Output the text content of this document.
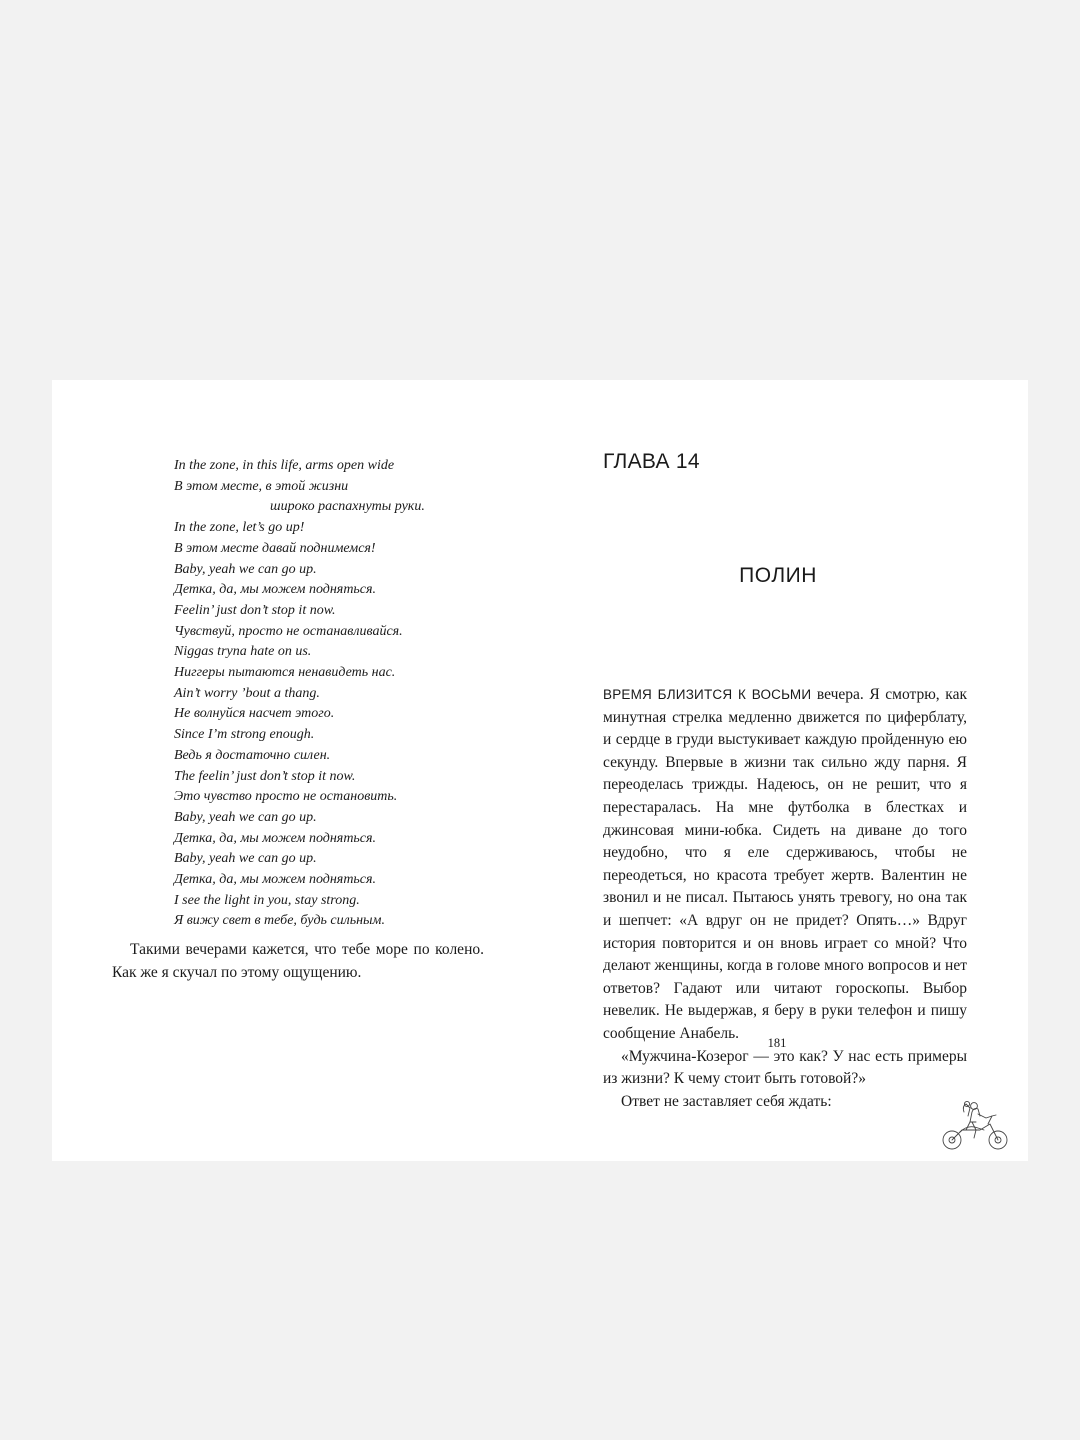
In the zone, in this life, arms open wide
В этом месте, в этой жизни
широко распахнуты руки.
In the zone, let’s go up!
В этом месте давай поднимемся!
Baby, yeah we can go up.
Детка, да, мы можем подняться.
Feelin’ just don’t stop it now.
Чувствуй, просто не останавливайся.
Niggas tryna hate on us.
Ниггеры пытаются ненавидеть нас.
Ain’t worry ’bout a thang.
Не волнуйся насчет этого.
Since I’m strong enough.
Ведь я достаточно силен.
The feelin’ just don’t stop it now.
Это чувство просто не остановить.
Baby, yeah we can go up.
Детка, да, мы можем подняться.
Baby, yeah we can go up.
Детка, да, мы можем подняться.
I see the light in you, stay strong.
Я вижу свет в тебе, будь сильным.

Такими вечерами кажется, что тебе море по колено. Как же я скучал по этому ощущению.

ГЛАВА 14
ПОЛИН

ВРЕМЯ БЛИЗИТСЯ К ВОСЬМИ вечера. Я смотрю, как минутная стрелка медленно движется по циферблату, и сердце в груди выстукивает каждую пройденную ею секунду. Впервые в жизни так сильно жду парня. Я переоделась трижды. Надеюсь, он не решит, что я перестаралась. На мне футболка в блестках и джинсовая мини-юбка. Сидеть на диване до того неудобно, что я еле сдерживаюсь, чтобы не переодеться, но красота требует жертв. Валентин не звонил и не писал. Пытаюсь унять тревогу, но она так и шепчет: «А вдруг он не придет? Опять…» Вдруг история повторится и он вновь играет со мной? Что делают женщины, когда в голове много вопросов и нет ответов? Гадают или читают гороскопы. Выбор невелик. Не выдержав, я беру в руки телефон и пишу сообщение Анабель.

«Мужчина-Козерог — это как? У нас есть примеры из жизни? К чему стоит быть готовой?»

Ответ не заставляет себя ждать:

181
